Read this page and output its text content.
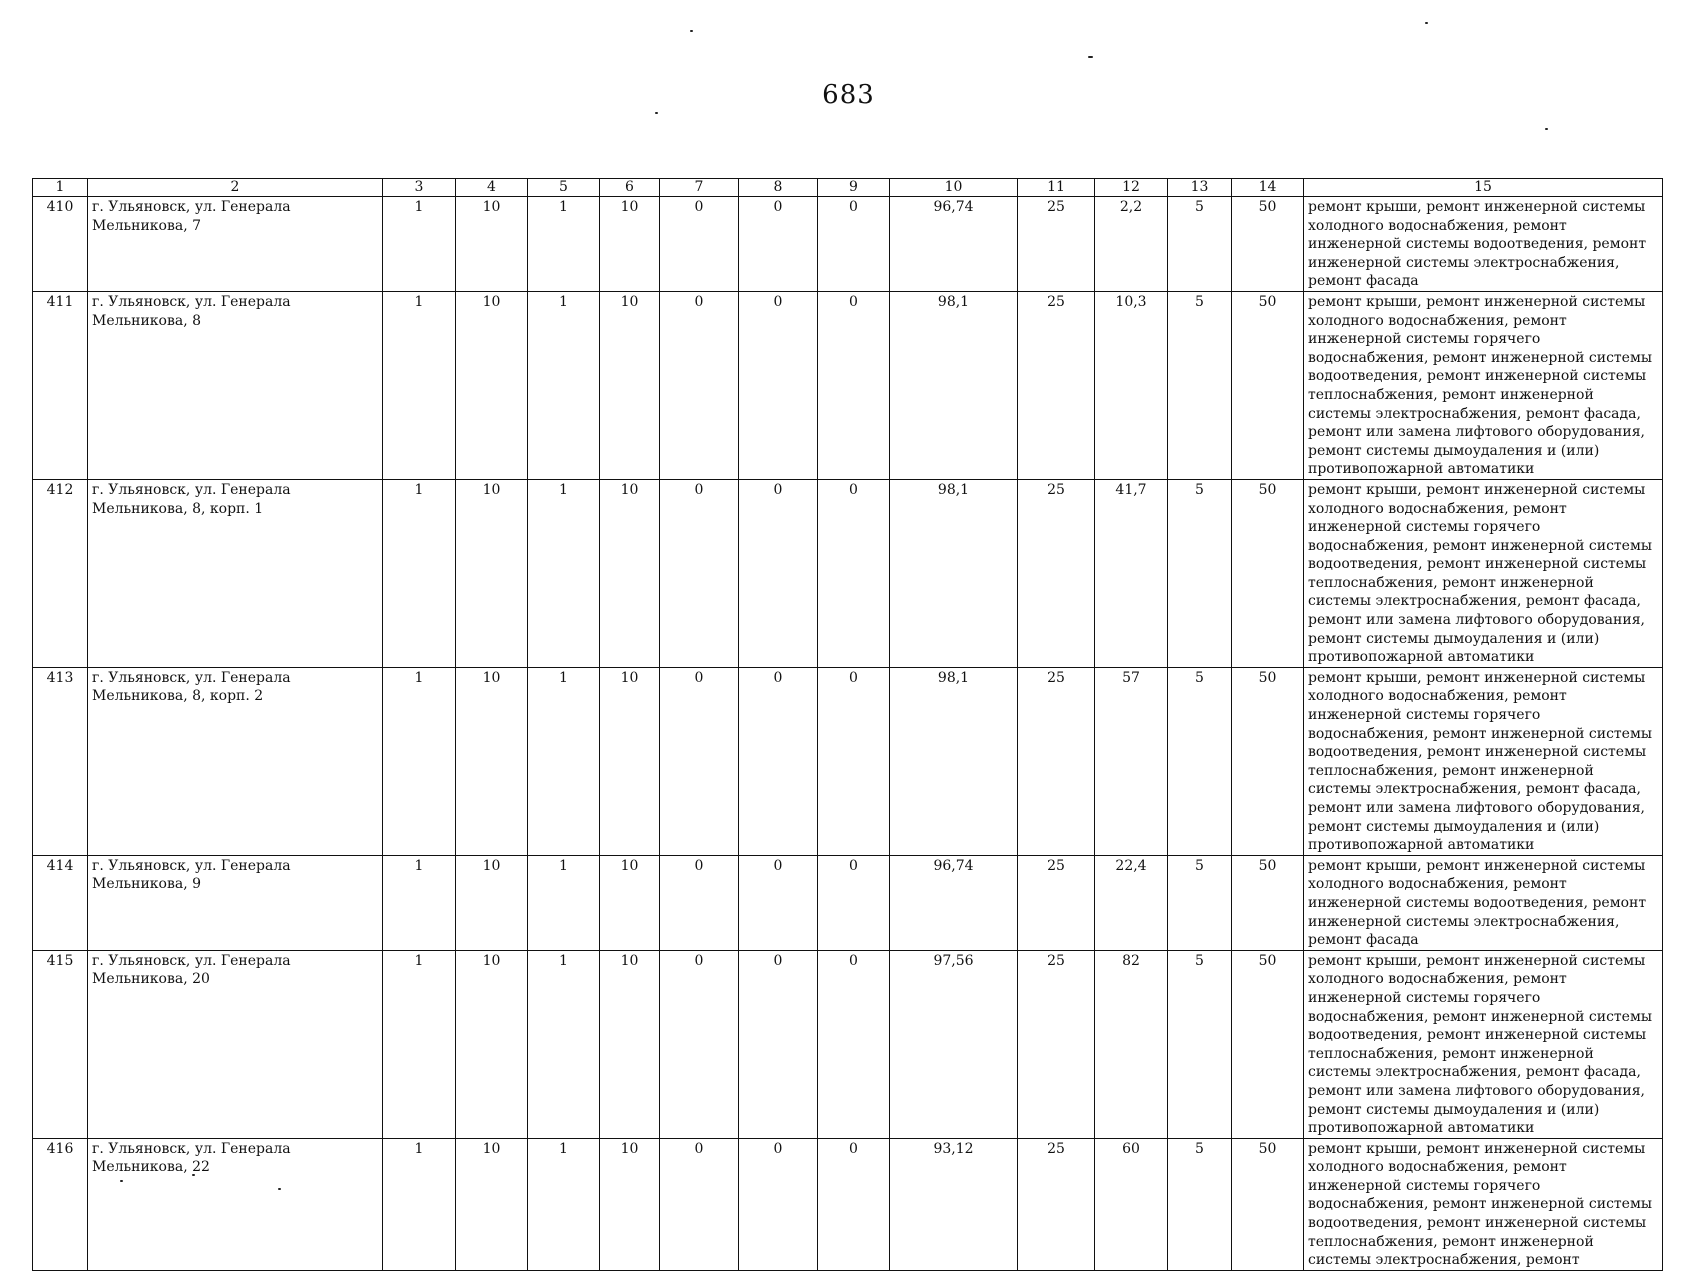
683
1	2	3	4	5	6	7	8	9	10	11	12	13	14	15
410	г. Ульяновск, ул. Генерала Мельникова, 7	1	10	1	10	0	0	0	96,74	25	2,2	5	50	ремонт крыши, ремонт инженерной системы холодного водоснабжения, ремонт инженерной системы водоотведения, ремонт инженерной системы электроснабжения, ремонт фасада
411	г. Ульяновск, ул. Генерала Мельникова, 8	1	10	1	10	0	0	0	98,1	25	10,3	5	50	ремонт крыши, ремонт инженерной системы холодного водоснабжения, ремонт инженерной системы горячего водоснабжения, ремонт инженерной системы водоотведения, ремонт инженерной системы теплоснабжения, ремонт инженерной системы электроснабжения, ремонт фасада, ремонт или замена лифтового оборудования, ремонт системы дымоудаления и (или) противопожарной автоматики
412	г. Ульяновск, ул. Генерала Мельникова, 8, корп. 1	1	10	1	10	0	0	0	98,1	25	41,7	5	50	ремонт крыши, ремонт инженерной системы холодного водоснабжения, ремонт инженерной системы горячего водоснабжения, ремонт инженерной системы водоотведения, ремонт инженерной системы теплоснабжения, ремонт инженерной системы электроснабжения, ремонт фасада, ремонт или замена лифтового оборудования, ремонт системы дымоудаления и (или) противопожарной автоматики
413	г. Ульяновск, ул. Генерала Мельникова, 8, корп. 2	1	10	1	10	0	0	0	98,1	25	57	5	50	ремонт крыши, ремонт инженерной системы холодного водоснабжения, ремонт инженерной системы горячего водоснабжения, ремонт инженерной системы водоотведения, ремонт инженерной системы теплоснабжения, ремонт инженерной системы электроснабжения, ремонт фасада, ремонт или замена лифтового оборудования, ремонт системы дымоудаления и (или) противопожарной автоматики
414	г. Ульяновск, ул. Генерала Мельникова, 9	1	10	1	10	0	0	0	96,74	25	22,4	5	50	ремонт крыши, ремонт инженерной системы холодного водоснабжения, ремонт инженерной системы водоотведения, ремонт инженерной системы электроснабжения, ремонт фасада
415	г. Ульяновск, ул. Генерала Мельникова, 20	1	10	1	10	0	0	0	97,56	25	82	5	50	ремонт крыши, ремонт инженерной системы холодного водоснабжения, ремонт инженерной системы горячего водоснабжения, ремонт инженерной системы водоотведения, ремонт инженерной системы теплоснабжения, ремонт инженерной системы электроснабжения, ремонт фасада, ремонт или замена лифтового оборудования, ремонт системы дымоудаления и (или) противопожарной автоматики
416	г. Ульяновск, ул. Генерала Мельникова, 22	1	10	1	10	0	0	0	93,12	25	60	5	50	ремонт крыши, ремонт инженерной системы холодного водоснабжения, ремонт инженерной системы горячего водоснабжения, ремонт инженерной системы водоотведения, ремонт инженерной системы теплоснабжения, ремонт инженерной системы электроснабжения, ремонт
